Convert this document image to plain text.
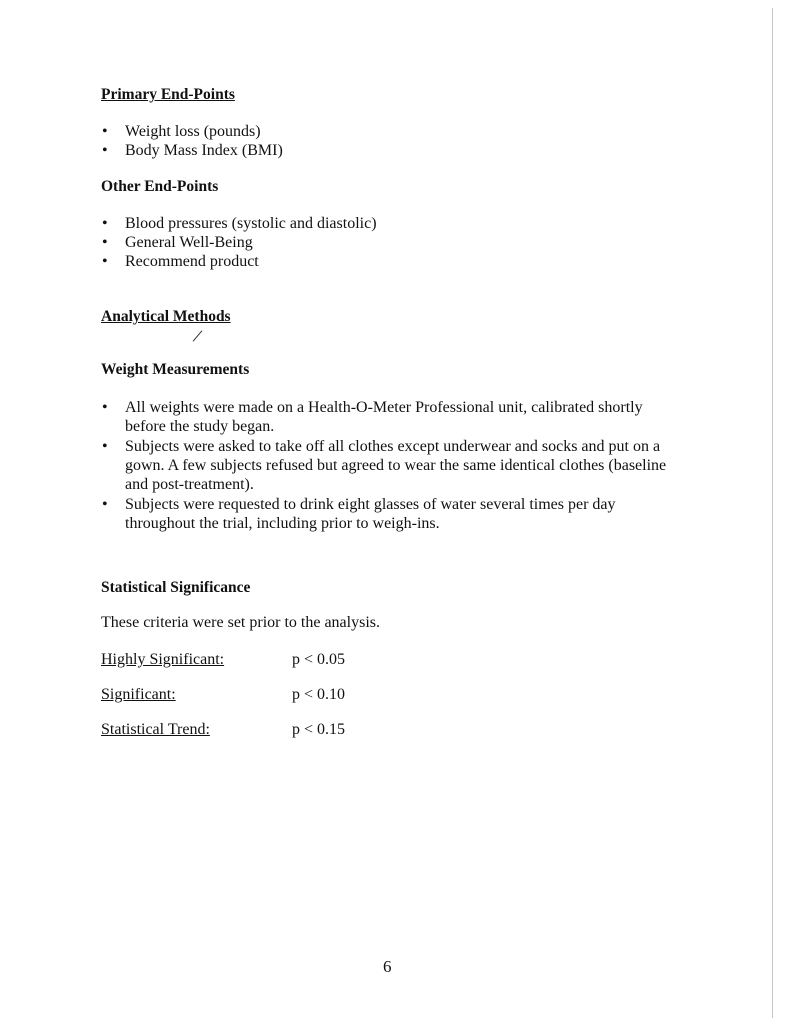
Primary End-Points
• Weight loss (pounds)
• Body Mass Index (BMI)
Other End-Points
• Blood pressures (systolic and diastolic)
• General Well-Being
• Recommend product
Analytical Methods
Weight Measurements
• All weights were made on a Health-O-Meter Professional unit, calibrated shortly before the study began.
• Subjects were asked to take off all clothes except underwear and socks and put on a gown. A few subjects refused but agreed to wear the same identical clothes (baseline and post-treatment).
• Subjects were requested to drink eight glasses of water several times per day throughout the trial, including prior to weigh-ins.
Statistical Significance

These criteria were set prior to the analysis.

Highly Significant:	p < 0.05
Significant:	p < 0.10
Statistical Trend:	p < 0.15
6
